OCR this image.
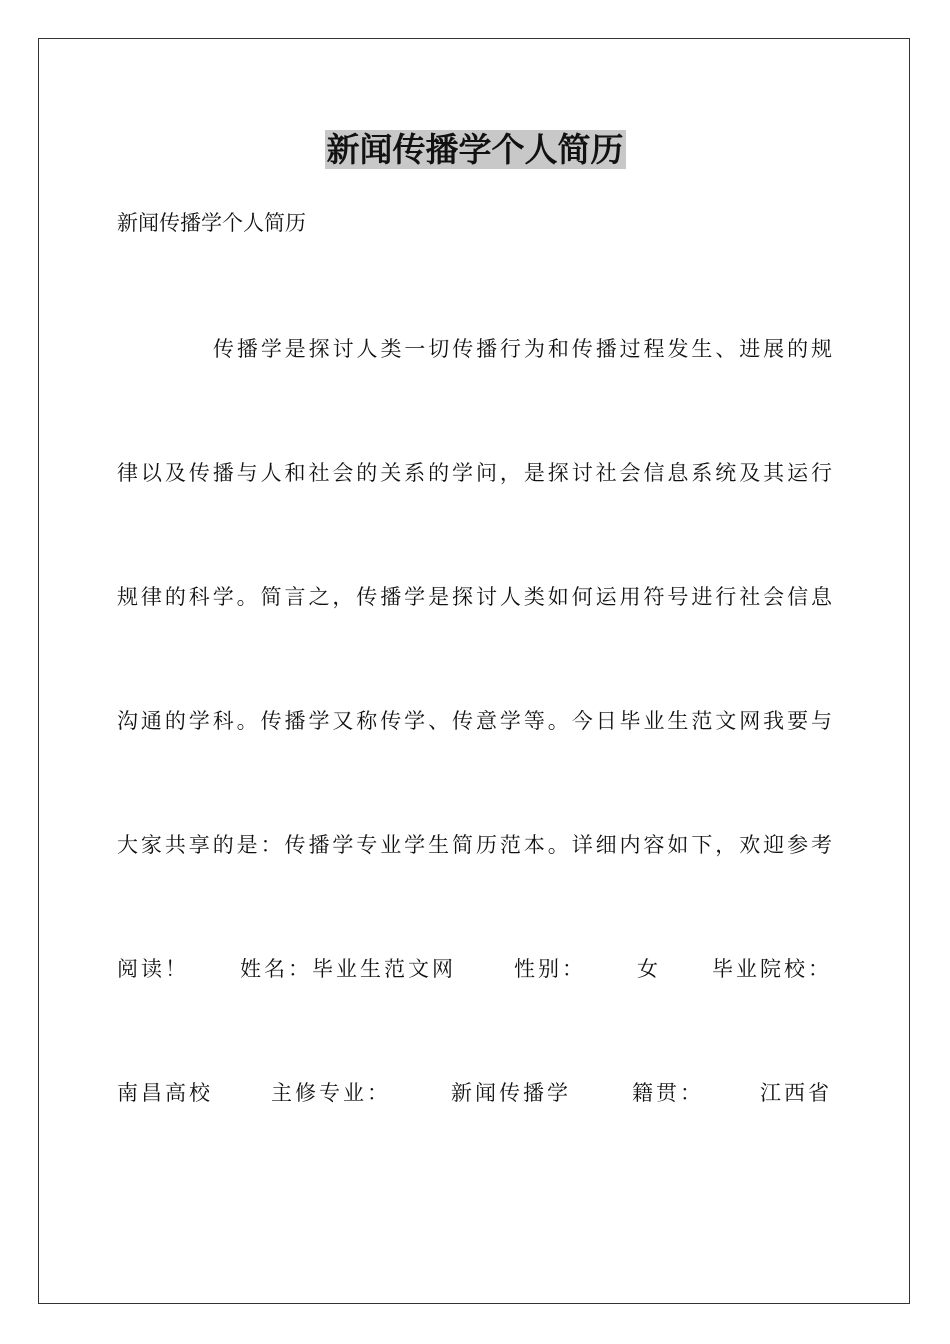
新闻传播学个人简历

新闻传播学个人简历

传播学是探讨人类一切传播行为和传播过程发生、进展的规

律以及传播与人和社会的关系的学问，是探讨社会信息系统及其运行

规律的科学。简言之，传播学是探讨人类如何运用符号进行社会信息

沟通的学科。传播学又称传学、传意学等。今日毕业生范文网我要与

大家共享的是：传播学专业学生简历范本。详细内容如下，欢迎参考

阅读！ 姓名：毕业生范文网	性别： 女 毕业院校：
南昌高校	主修专业：	新闻传播学	籍贯：	江西省
